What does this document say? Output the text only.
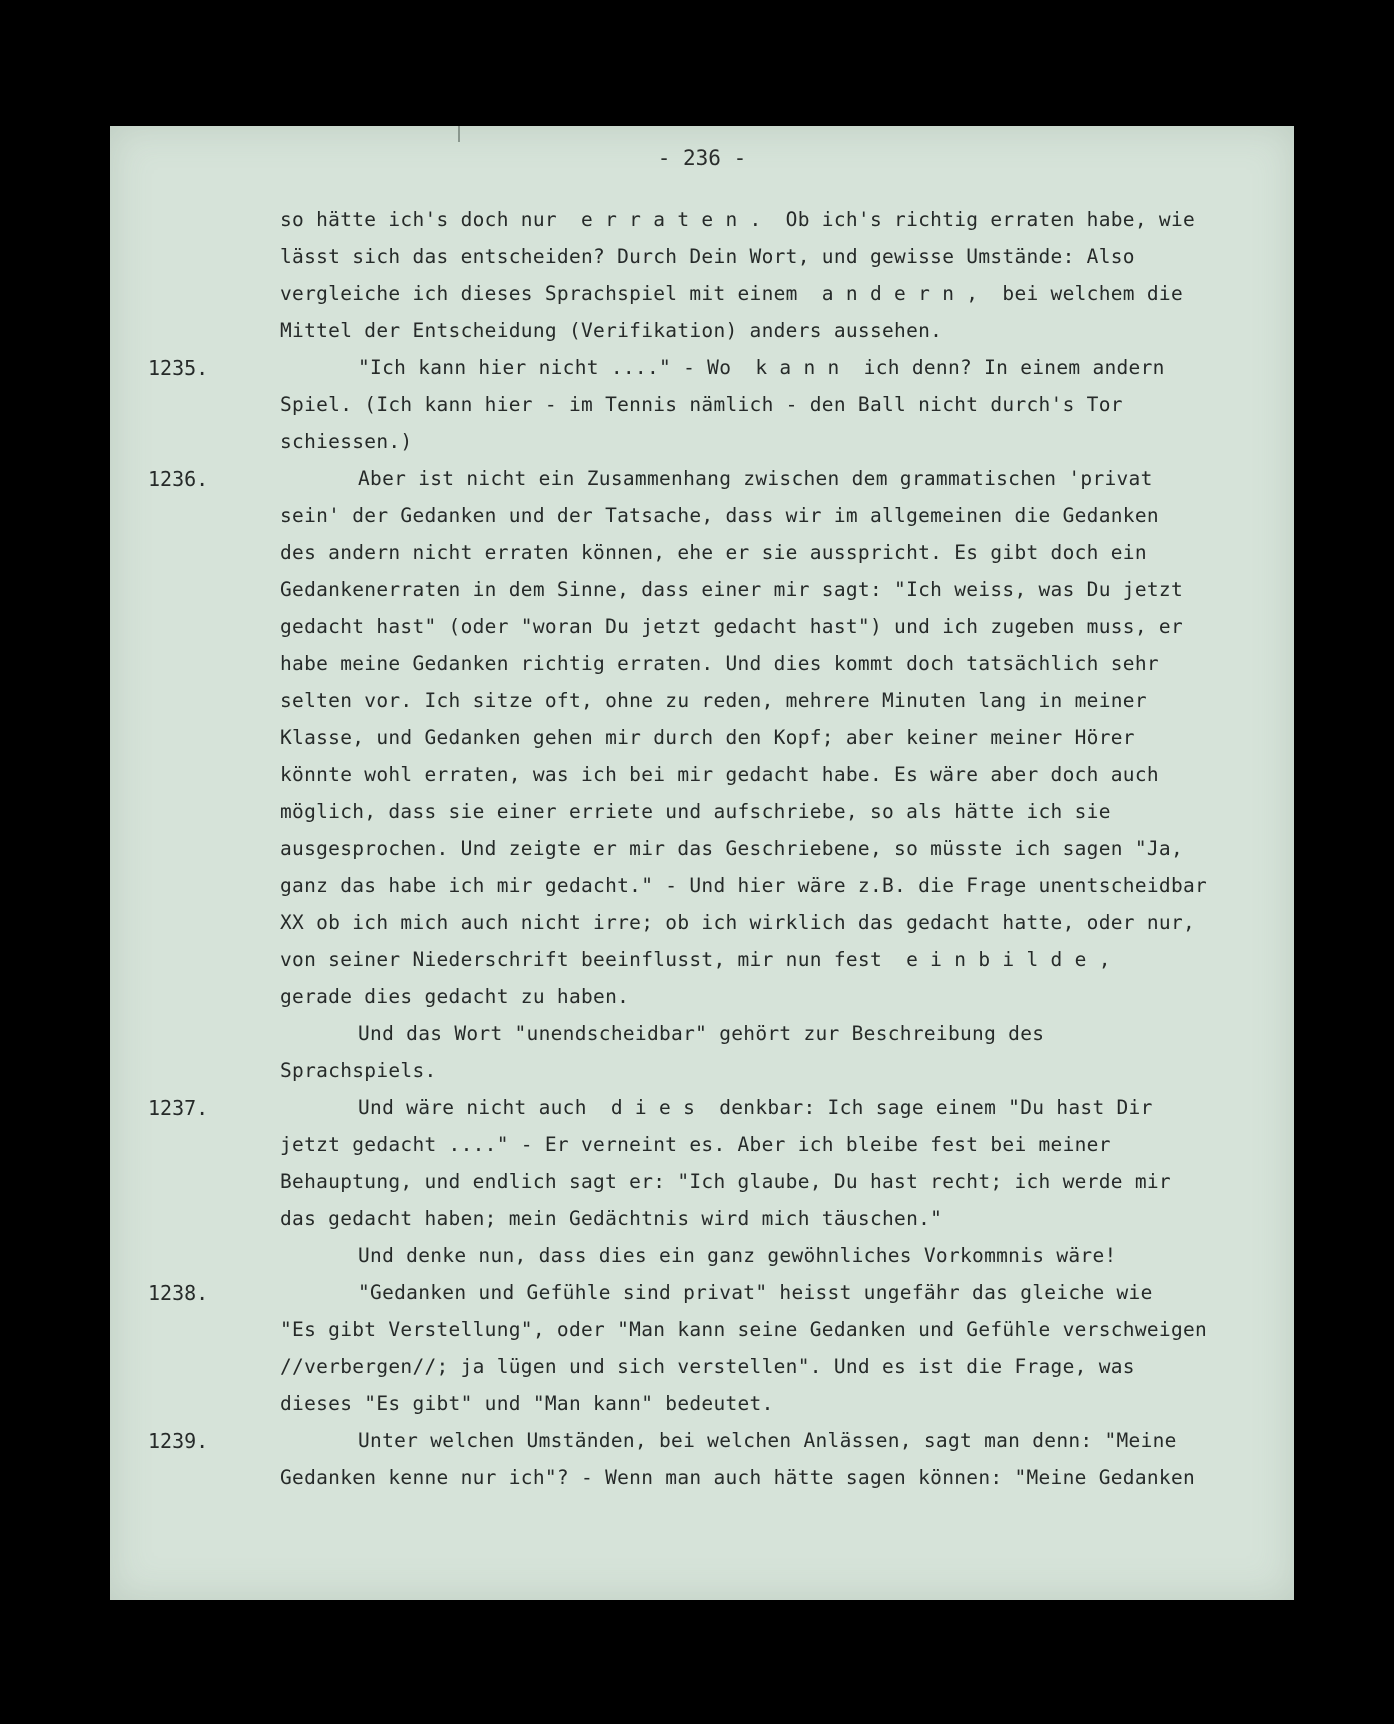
- 236 -
so hätte ich's doch nur  e r r a t e n .  Ob ich's richtig erraten habe, wie
lässt sich das entscheiden? Durch Dein Wort, und gewisse Umstände: Also
vergleiche ich dieses Sprachspiel mit einem  a n d e r n ,  bei welchem die
Mittel der Entscheidung (Verifikation) anders aussehen.
1235.	"Ich kann hier nicht ...." - Wo  k a n n  ich denn? In einem andern
Spiel. (Ich kann hier - im Tennis nämlich - den Ball nicht durch's Tor
schiessen.)
1236.	Aber ist nicht ein Zusammenhang zwischen dem grammatischen 'privat
sein' der Gedanken und der Tatsache, dass wir im allgemeinen die Gedanken
des andern nicht erraten können, ehe er sie ausspricht. Es gibt doch ein
Gedankenerraten in dem Sinne, dass einer mir sagt: "Ich weiss, was Du jetzt
gedacht hast" (oder "woran Du jetzt gedacht hast") und ich zugeben muss, er
habe meine Gedanken richtig erraten. Und dies kommt doch tatsächlich sehr
selten vor. Ich sitze oft, ohne zu reden, mehrere Minuten lang in meiner
Klasse, und Gedanken gehen mir durch den Kopf; aber keiner meiner Hörer
könnte wohl erraten, was ich bei mir gedacht habe. Es wäre aber doch auch
möglich, dass sie einer erriete und aufschriebe, so als hätte ich sie
ausgesprochen. Und zeigte er mir das Geschriebene, so müsste ich sagen "Ja,
ganz das habe ich mir gedacht." - Und hier wäre z.B. die Frage unentscheidbar
XX ob ich mich auch nicht irre; ob ich wirklich das gedacht hatte, oder nur,
von seiner Niederschrift beeinflusst, mir nun fest  e i n b i l d e ,
gerade dies gedacht zu haben.
Und das Wort "unendscheidbar" gehört zur Beschreibung des
Sprachspiels.
1237.	Und wäre nicht auch  d i e s  denkbar: Ich sage einem "Du hast Dir
jetzt gedacht ...." - Er verneint es. Aber ich bleibe fest bei meiner
Behauptung, und endlich sagt er: "Ich glaube, Du hast recht; ich werde mir
das gedacht haben; mein Gedächtnis wird mich täuschen."
Und denke nun, dass dies ein ganz gewöhnliches Vorkommnis wäre!
1238.	"Gedanken und Gefühle sind privat" heisst ungefähr das gleiche wie
"Es gibt Verstellung", oder "Man kann seine Gedanken und Gefühle verschweigen
//verbergen//; ja lügen und sich verstellen". Und es ist die Frage, was
dieses "Es gibt" und "Man kann" bedeutet.
1239.	Unter welchen Umständen, bei welchen Anlässen, sagt man denn: "Meine
Gedanken kenne nur ich"? - Wenn man auch hätte sagen können: "Meine Gedanken
